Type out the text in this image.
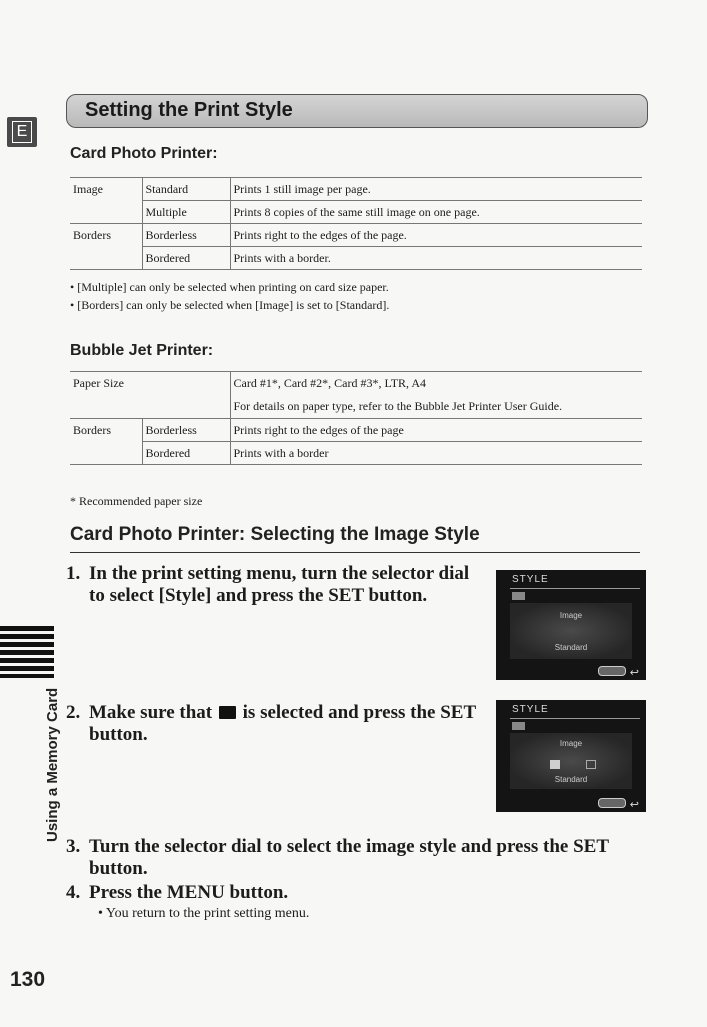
E
Setting the Print Style
Card Photo Printer:
Image	Standard	Prints 1 still image per page.
	Multiple	Prints 8 copies of the same still image on one page.
Borders	Borderless	Prints right to the edges of the page.
	Bordered	Prints with a border.
• [Multiple] can only be selected when printing on card size paper.
• [Borders] can only be selected when [Image] is set to [Standard].
Bubble Jet Printer:
Paper Size		Card #1*, Card #2*, Card #3*, LTR, A4
For details on paper type, refer to the Bubble Jet Printer User Guide.

Borders	Borderless	Prints right to the edges of the page
	Bordered	Prints with a border
* Recommended paper size
Card Photo Printer: Selecting the Image Style
1. In the print setting menu, turn the selector dial to select [Style] and press the SET button.
2. Make sure that is selected and press the SET button.
3. Turn the selector dial to select the image style and press the SET button.
4. Press the MENU button.
• You return to the print setting menu.
STYLE
Image
Standard
↩
STYLE
Image
Standard
↩
Using a Memory Card
130
